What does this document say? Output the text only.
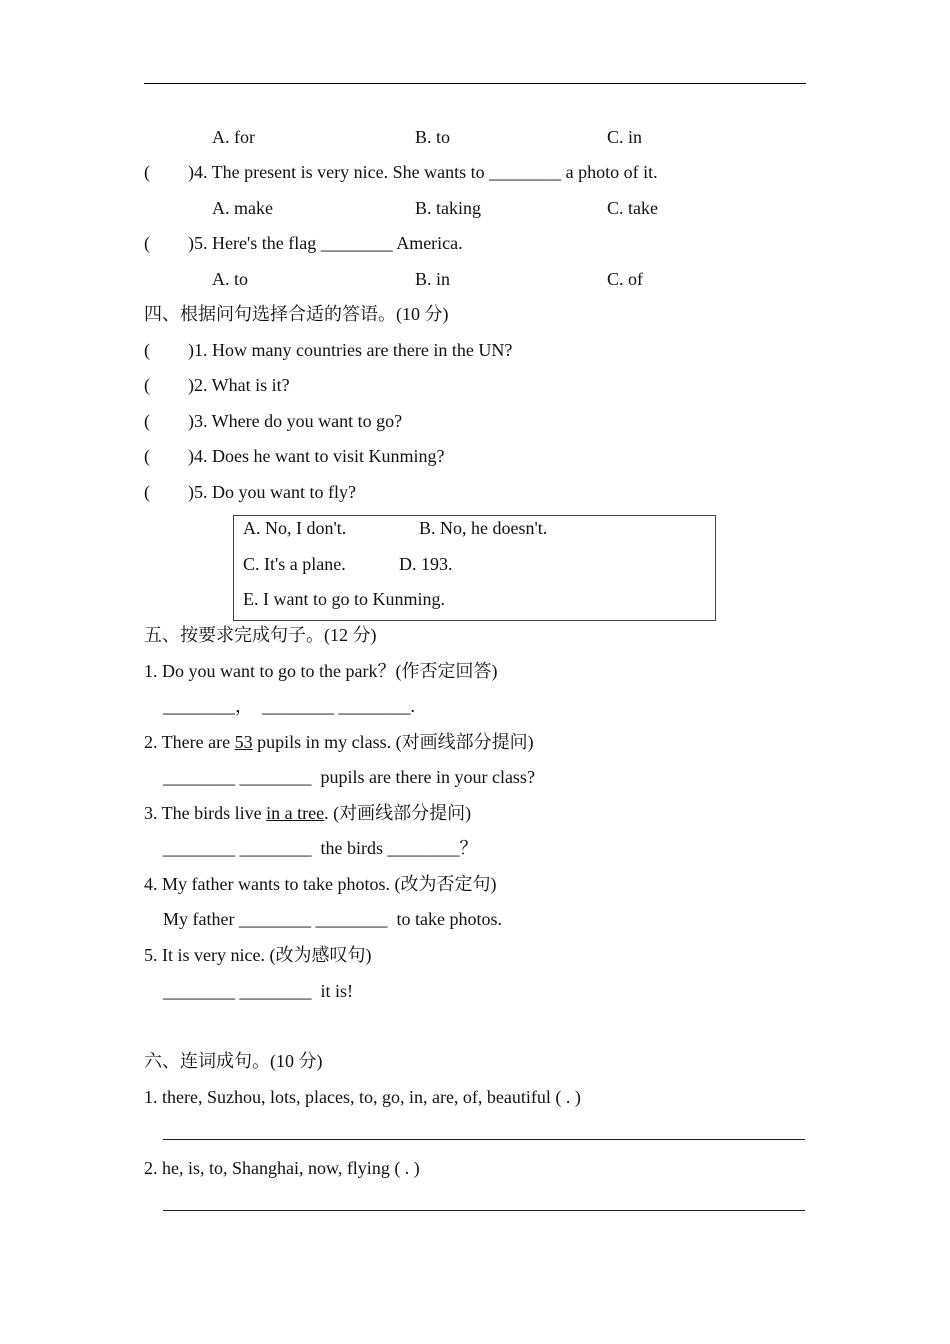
A. for	B. to	C. in
( )4. The present is very nice. She wants to ________ a photo of it.
A. make	B. taking	C. take
( )5. Here's the flag ________ America.
A. to	B. in	C. of
四、根据问句选择合适的答语。(10 分)
( )1. How many countries are there in the UN?
( )2. What is it?
( )3. Where do you want to go?
( )4. Does he want to visit Kunming?
( )5. Do you want to fly?
A. No, I don't.	B. No, he doesn't.
C. It's a plane.	D. 193.
E. I want to go to Kunming.
五、按要求完成句子。(12 分)
1. Do you want to go to the park？(作否定回答)
________，  ________ ________.
2. There are 53 pupils in my class. (对画线部分提问)
________ ________  pupils are there in your class?
3. The birds live in a tree. (对画线部分提问)
________ ________  the birds ________？
4. My father wants to take photos. (改为否定句)
My father ________ ________  to take photos.
5. It is very nice. (改为感叹句)
________ ________  it is!
六、连词成句。(10 分)
1. there, Suzhou, lots, places, to, go, in, are, of, beautiful ( . )
2. he, is, to, Shanghai, now, flying ( . )
